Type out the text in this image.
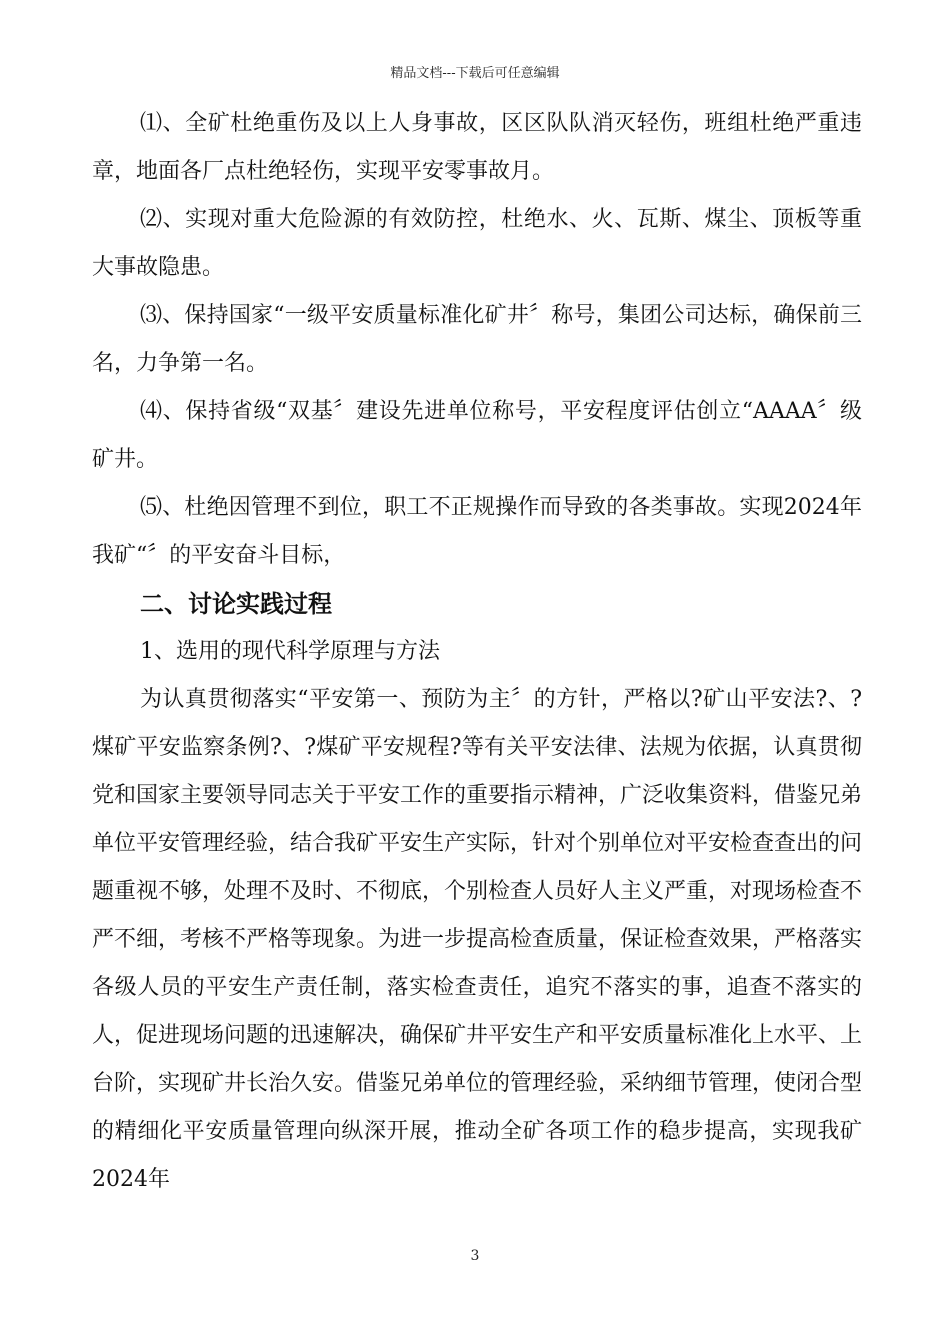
精品文档---下载后可任意编辑

⑴、全矿杜绝重伤及以上人身事故，区区队队消灭轻伤，班组杜绝严重违章，地面各厂点杜绝轻伤，实现平安零事故月。

⑵、实现对重大危险源的有效防控，杜绝水、火、瓦斯、煤尘、顶板等重大事故隐患。

⑶、保持国家“一级平安质量标准化矿井〞称号，集团公司达标，确保前三名，力争第一名。

⑷、保持省级“双基〞建设先进单位称号，平安程度评估创立“AAAA〞级矿井。

⑸、杜绝因管理不到位，职工不正规操作而导致的各类事故。实现2024年我矿“〞的平安奋斗目标，

二、讨论实践过程

1、选用的现代科学原理与方法

为认真贯彻落实“平安第一、预防为主〞的方针，严格以?矿山平安法?、?煤矿平安监察条例?、?煤矿平安规程?等有关平安法律、法规为依据，认真贯彻党和国家主要领导同志关于平安工作的重要指示精神，广泛收集资料，借鉴兄弟单位平安管理经验，结合我矿平安生产实际，针对个别单位对平安检查查出的问题重视不够，处理不及时、不彻底，个别检查人员好人主义严重，对现场检查不严不细，考核不严格等现象。为进一步提高检查质量，保证检查效果，严格落实各级人员的平安生产责任制，落实检查责任，追究不落实的事，追查不落实的人，促进现场问题的迅速解决，确保矿井平安生产和平安质量标准化上水平、上台阶，实现矿井长治久安。借鉴兄弟单位的管理经验，采纳细节管理，使闭合型的精细化平安质量管理向纵深开展，推动全矿各项工作的稳步提高，实现我矿2024年

3
